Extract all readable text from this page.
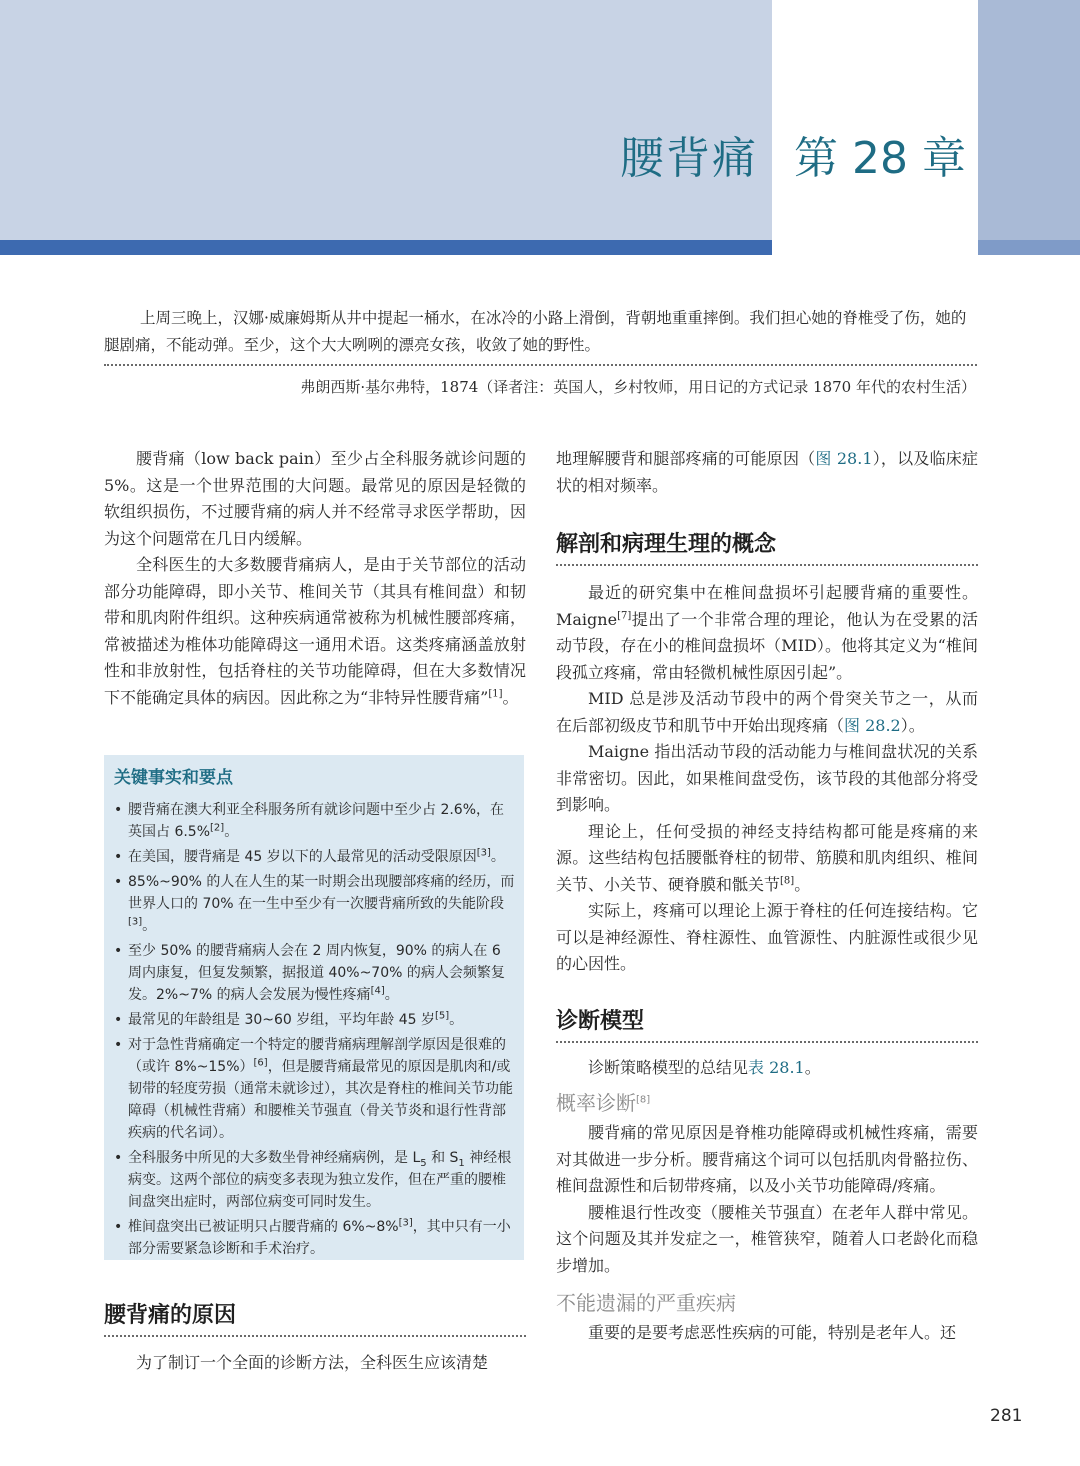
腰背痛 第 28 章

上周三晚上，汉娜·威廉姆斯从井中提起一桶水，在冰冷的小路上滑倒，背朝地重重摔倒。我们担心她的脊椎受了伤，她的腿剧痛，不能动弹。至少，这个大大咧咧的漂亮女孩，收敛了她的野性。

弗朗西斯·基尔弗特，1874（译者注：英国人，乡村牧师，用日记的方式记录 1870 年代的农村生活）

腰背痛（low back pain）至少占全科服务就诊问题的 5%。这是一个世界范围的大问题。最常见的原因是轻微的软组织损伤，不过腰背痛的病人并不经常寻求医学帮助，因为这个问题常在几日内缓解。

全科医生的大多数腰背痛病人，是由于关节部位的活动部分功能障碍，即小关节、椎间关节（其具有椎间盘）和韧带和肌肉附件组织。这种疾病通常被称为机械性腰部疼痛，常被描述为椎体功能障碍这一通用术语。这类疼痛涵盖放射性和非放射性，包括脊柱的关节功能障碍，但在大多数情况下不能确定具体的病因。因此称之为“非特异性腰背痛”[1]。

关键事实和要点
• 腰背痛在澳大利亚全科服务所有就诊问题中至少占 2.6%，在英国占 6.5%[2]。
• 在美国，腰背痛是 45 岁以下的人最常见的活动受限原因[3]。
• 85%~90% 的人在人生的某一时期会出现腰部疼痛的经历，而世界人口的 70% 在一生中至少有一次腰背痛所致的失能阶段[3]。
• 至少 50% 的腰背痛病人会在 2 周内恢复，90% 的病人在 6 周内康复，但复发频繁，据报道 40%~70% 的病人会频繁复发。2%~7% 的病人会发展为慢性疼痛[4]。
• 最常见的年龄组是 30~60 岁组，平均年龄 45 岁[5]。
• 对于急性背痛确定一个特定的腰背痛病理解剖学原因是很难的（或许 8%~15%）[6]，但是腰背痛最常见的原因是肌肉和/或韧带的轻度劳损（通常未就诊过），其次是脊柱的椎间关节功能障碍（机械性背痛）和腰椎关节强直（骨关节炎和退行性背部疾病的代名词）。
• 全科服务中所见的大多数坐骨神经痛病例，是 $L_5$ 和 $S_1$ 神经根病变。这两个部位的病变多表现为独立发作，但在严重的腰椎间盘突出症时，两部位病变可同时发生。
• 椎间盘突出已被证明只占腰背痛的 6%~8%[3]，其中只有一小部分需要紧急诊断和手术治疗。
腰背痛的原因

为了制订一个全面的诊断方法，全科医生应该清楚

地理解腰背和腿部疼痛的可能原因（图 28.1），以及临床症状的相对频率。

解剖和病理生理的概念

最近的研究集中在椎间盘损坏引起腰背痛的重要性。Maigne[7]提出了一个非常合理的理论，他认为在受累的活动节段，存在小的椎间盘损坏（MID）。他将其定义为“椎间段孤立疼痛，常由轻微机械性原因引起”。

MID 总是涉及活动节段中的两个骨突关节之一，从而在后部初级皮节和肌节中开始出现疼痛（图 28.2）。

Maigne 指出活动节段的活动能力与椎间盘状况的关系非常密切。因此，如果椎间盘受伤，该节段的其他部分将受到影响。

理论上，任何受损的神经支持结构都可能是疼痛的来源。这些结构包括腰骶脊柱的韧带、筋膜和肌肉组织、椎间关节、小关节、硬脊膜和骶关节[8]。

实际上，疼痛可以理论上源于脊柱的任何连接结构。它可以是神经源性、脊柱源性、血管源性、内脏源性或很少见的心因性。

诊断模型

诊断策略模型的总结见表 28.1。

概率诊断[8]

腰背痛的常见原因是脊椎功能障碍或机械性疼痛，需要对其做进一步分析。腰背痛这个词可以包括肌肉骨骼拉伤、椎间盘源性和后韧带疼痛，以及小关节功能障碍/疼痛。

腰椎退行性改变（腰椎关节强直）在老年人群中常见。这个问题及其并发症之一，椎管狭窄，随着人口老龄化而稳步增加。

不能遗漏的严重疾病

重要的是要考虑恶性疾病的可能，特别是老年人。还

281
